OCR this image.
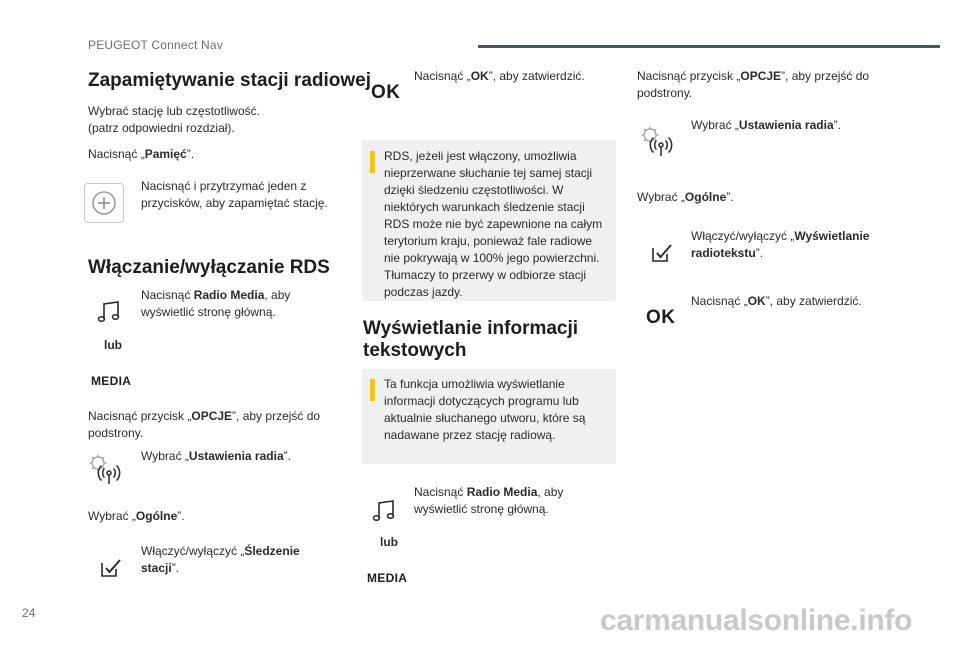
PEUGEOT Connect Nav
Zapamiętywanie stacji radiowej
Wybrać stację lub częstotliwość.
(patrz odpowiedni rozdział).
Nacisnąć „Pamięć”.
Nacisnąć i przytrzymać jeden z
przycisków, aby zapamiętać stację.
Włączanie/wyłączanie RDS
Nacisnąć Radio Media, aby
wyświetlić stronę główną.
lub
MEDIA
Nacisnąć przycisk „OPCJE”, aby przejść do
podstrony.
Wybrać „Ustawienia radia”.
Wybrać „Ogólne”.
Włączyć/wyłączyć „Śledzenie
stacji”.
OK
Nacisnąć „OK”, aby zatwierdzić.
RDS, jeżeli jest włączony, umożliwia
nieprzerwane słuchanie tej samej stacji
dzięki śledzeniu częstotliwości. W
niektórych warunkach śledzenie stacji
RDS może nie być zapewnione na całym
terytorium kraju, ponieważ fale radiowe
nie pokrywają w 100% jego powierzchni.
Tłumaczy to przerwy w odbiorze stacji
podczas jazdy.
Wyświetlanie informacji
tekstowych
Ta funkcja umożliwia wyświetlanie
informacji dotyczących programu lub
aktualnie słuchanego utworu, które są
nadawane przez stację radiową.
Nacisnąć Radio Media, aby
wyświetlić stronę główną.
lub
MEDIA
Nacisnąć przycisk „OPCJE”, aby przejść do
podstrony.
Wybrać „Ustawienia radia”.
Wybrać „Ogólne”.
Włączyć/wyłączyć „Wyświetlanie
radiotekstu”.
OK
Nacisnąć „OK”, aby zatwierdzić.
24	carmanualsonline.info
